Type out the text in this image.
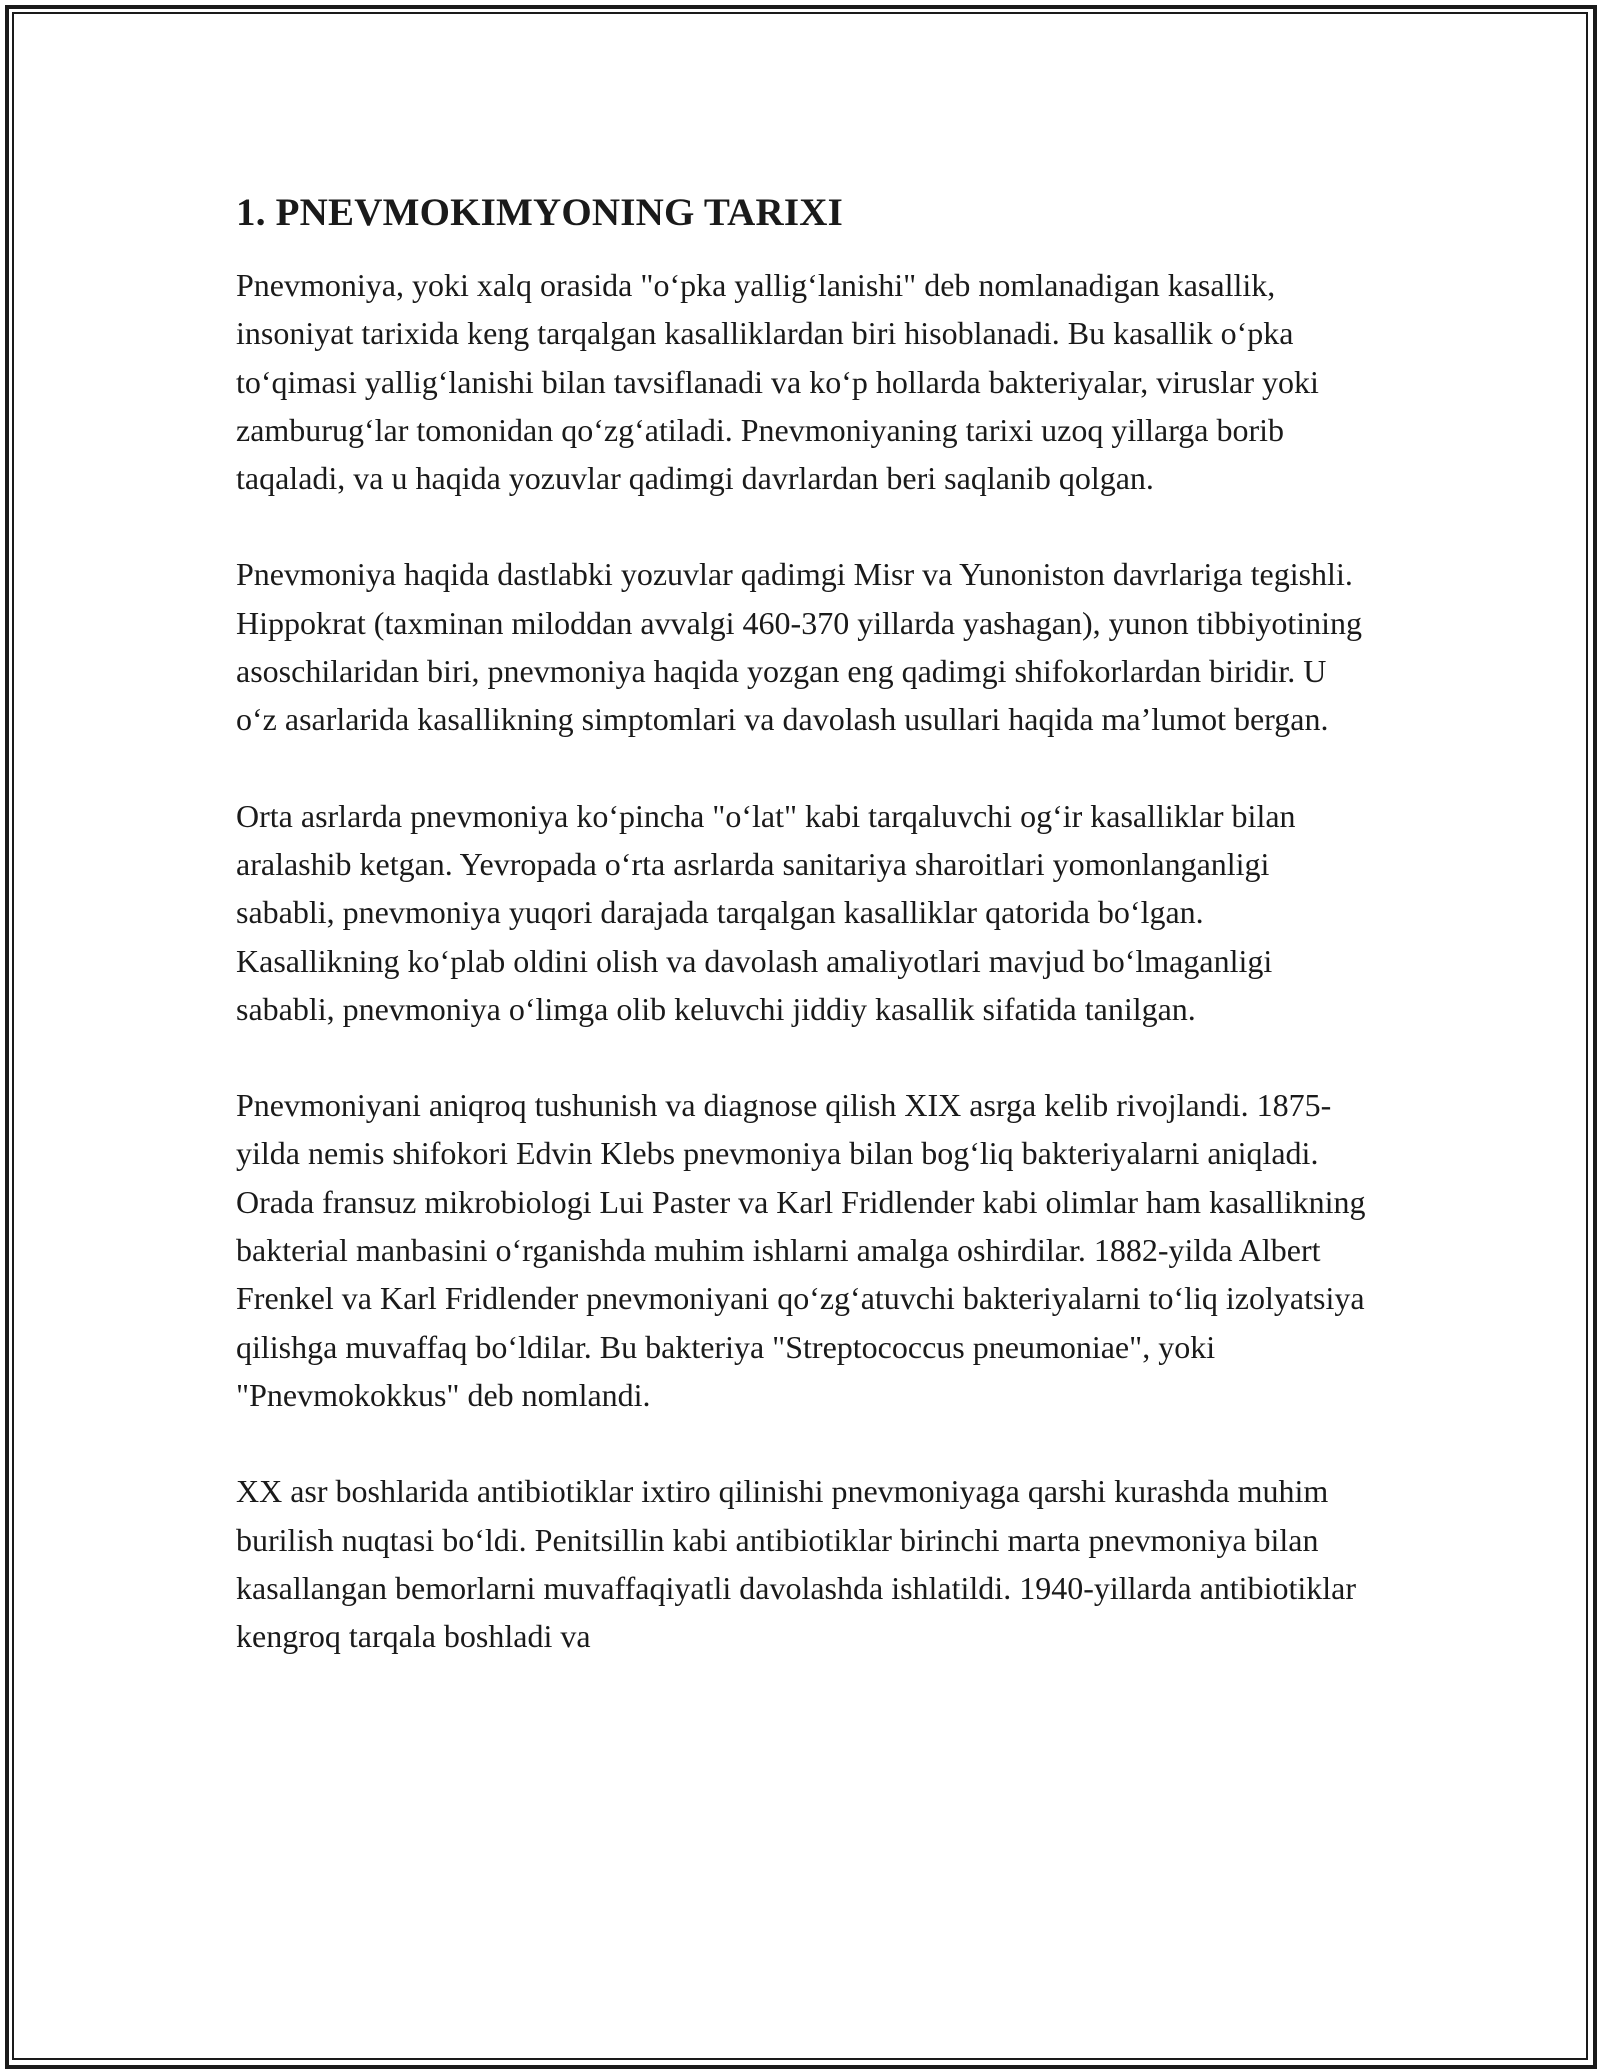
1. PNEVMOKIMYONING TARIXI

Pnevmoniya, yoki xalq orasida "o‘pka yallig‘lanishi" deb nomlanadigan kasallik, insoniyat tarixida keng tarqalgan kasalliklardan biri hisoblanadi. Bu kasallik o‘pka to‘qimasi yallig‘lanishi bilan tavsiflanadi va ko‘p hollarda bakteriyalar, viruslar yoki zamburug‘lar tomonidan qo‘zg‘atiladi. Pnevmoniyaning tarixi uzoq yillarga borib taqaladi, va u haqida yozuvlar qadimgi davrlardan beri saqlanib qolgan.

Pnevmoniya haqida dastlabki yozuvlar qadimgi Misr va Yunoniston davrlariga tegishli. Hippokrat (taxminan miloddan avvalgi 460-370 yillarda yashagan), yunon tibbiyotining asoschilaridan biri, pnevmoniya haqida yozgan eng qadimgi shifokorlardan biridir. U o‘z asarlarida kasallikning simptomlari va davolash usullari haqida ma’lumot bergan.

Orta asrlarda pnevmoniya ko‘pincha "o‘lat" kabi tarqaluvchi og‘ir kasalliklar bilan aralashib ketgan. Yevropada o‘rta asrlarda sanitariya sharoitlari yomonlanganligi sababli, pnevmoniya yuqori darajada tarqalgan kasalliklar qatorida bo‘lgan. Kasallikning ko‘plab oldini olish va davolash amaliyotlari mavjud bo‘lmaganligi sababli, pnevmoniya o‘limga olib keluvchi jiddiy kasallik sifatida tanilgan.

Pnevmoniyani aniqroq tushunish va diagnose qilish XIX asrga kelib rivojlandi. 1875-yilda nemis shifokori Edvin Klebs pnevmoniya bilan bog‘liq bakteriyalarni aniqladi. Orada fransuz mikrobiologi Lui Paster va Karl Fridlender kabi olimlar ham kasallikning bakterial manbasini o‘rganishda muhim ishlarni amalga oshirdilar. 1882-yilda Albert Frenkel va Karl Fridlender pnevmoniyani qo‘zg‘atuvchi bakteriyalarni to‘liq izolyatsiya qilishga muvaffaq bo‘ldilar. Bu bakteriya "Streptococcus pneumoniae", yoki "Pnevmokokkus" deb nomlandi.

XX asr boshlarida antibiotiklar ixtiro qilinishi pnevmoniyaga qarshi kurashda muhim burilish nuqtasi bo‘ldi. Penitsillin kabi antibiotiklar birinchi marta pnevmoniya bilan kasallangan bemorlarni muvaffaqiyatli davolashda ishlatildi. 1940-yillarda antibiotiklar kengroq tarqala boshladi va
